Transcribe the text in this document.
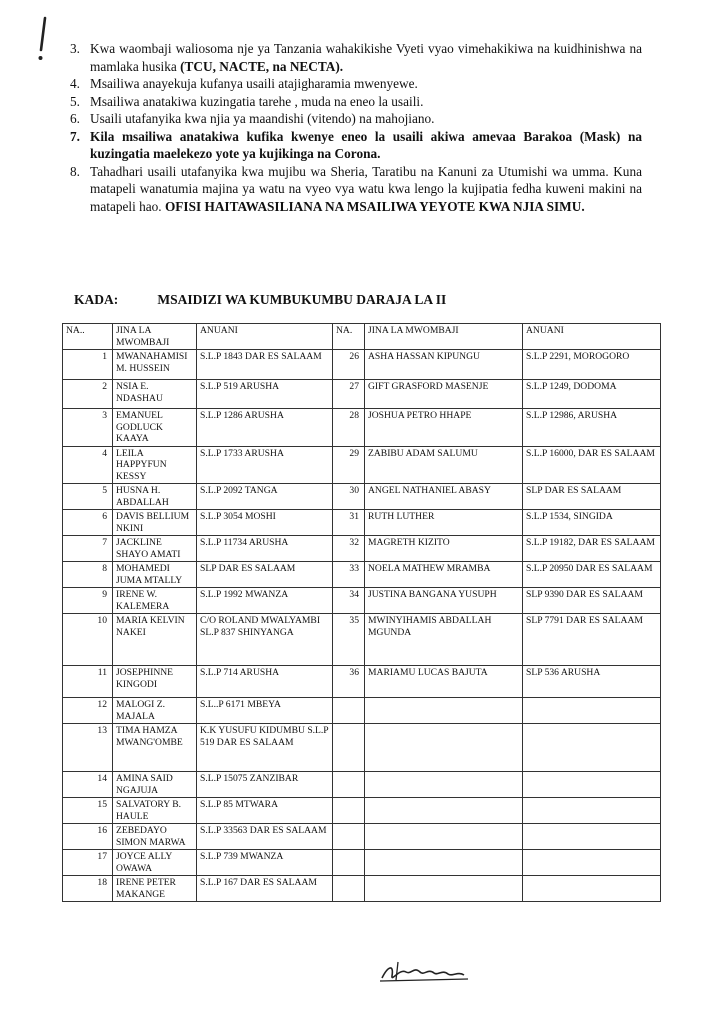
3. Kwa waombaji waliosoma nje ya Tanzania wahakikishe Vyeti vyao vimehakikiwa na kuidhinishwa na mamlaka husika (TCU, NACTE, na NECTA).
4. Msailiwa anayekuja kufanya usaili atajigharamia mwenyewe.
5. Msailiwa anatakiwa kuzingatia tarehe , muda na eneo la usaili.
6. Usaili utafanyika kwa njia ya maandishi (vitendo) na mahojiano.
7. Kila msailiwa anatakiwa kufika kwenye eneo la usaili akiwa amevaa Barakoa (Mask) na kuzingatia maelekezo yote ya kujikinga na Corona.
8. Tahadhari usaili utafanyika kwa mujibu wa Sheria, Taratibu na Kanuni za Utumishi wa umma. Kuna matapeli wanatumia majina ya watu na vyeo vya watu kwa lengo la kujipatia fedha kuweni makini na matapeli hao. OFISI HAITAWASILIANA NA MSAILIWA YEYOTE KWA NJIA SIMU.
KADA:	MSAIDIZI WA KUMBUKUMBU DARAJA LA II
NA..	JINA LA MWOMBAJI	ANUANI	NA.	JINA LA MWOMBAJI	ANUANI
1	MWANAHAMISI M. HUSSEIN	S.L.P 1843 DAR ES SALAAM	26	ASHA HASSAN KIPUNGU	S.L.P 2291, MOROGORO
2	NSIA E. NDASHAU	S.L.P 519 ARUSHA	27	GIFT GRASFORD MASENJE	S.L.P 1249, DODOMA
3	EMANUEL GODLUCK KAAYA	S.L.P 1286 ARUSHA	28	JOSHUA PETRO HHAPE	S.L.P 12986, ARUSHA
4	LEILA HAPPYFUN KESSY	S.L.P 1733 ARUSHA	29	ZABIBU ADAM SALUMU	S.L.P 16000, DAR ES SALAAM
5	HUSNA H. ABDALLAH	S.L.P 2092 TANGA	30	ANGEL NATHANIEL ABASY	SLP DAR ES SALAAM
6	DAVIS BELLIUM NKINI	S.L.P 3054 MOSHI	31	RUTH LUTHER	S.L.P 1534, SINGIDA
7	JACKLINE SHAYO AMATI	S.L.P 11734 ARUSHA	32	MAGRETH KIZITO	S.L.P 19182, DAR ES SALAAM
8	MOHAMEDI JUMA MTALLY	SLP DAR ES SALAAM	33	NOELA MATHEW MRAMBA	S.L.P 20950 DAR ES SALAAM
9	IRENE W. KALEMERA	S.L.P 1992 MWANZA	34	JUSTINA BANGANA YUSUPH	SLP 9390 DAR ES SALAAM
10	MARIA KELVIN NAKEI	C/O ROLAND MWALYAMBI SL.P 837 SHINYANGA	35	MWINYIHAMIS ABDALLAH MGUNDA	SLP 7791 DAR ES SALAAM
11	JOSEPHINNE KINGODI	S.L.P 714 ARUSHA	36	MARIAMU LUCAS BAJUTA	SLP 536 ARUSHA
12	MALOGI Z. MAJALA	S.L..P 6171 MBEYA			
13	TIMA HAMZA MWANG'OMBE	K.K YUSUFU KIDUMBU S.L.P 519 DAR ES SALAAM			
14	AMINA SAID NGAJUJA	S.L.P 15075 ZANZIBAR			
15	SALVATORY B. HAULE	S.L.P 85 MTWARA			
16	ZEBEDAYO SIMON MARWA	S.L.P 33563 DAR ES SALAAM			
17	JOYCE ALLY OWAWA	S.L.P 739 MWANZA			
18	IRENE PETER MAKANGE	S.L.P 167 DAR ES SALAAM			
